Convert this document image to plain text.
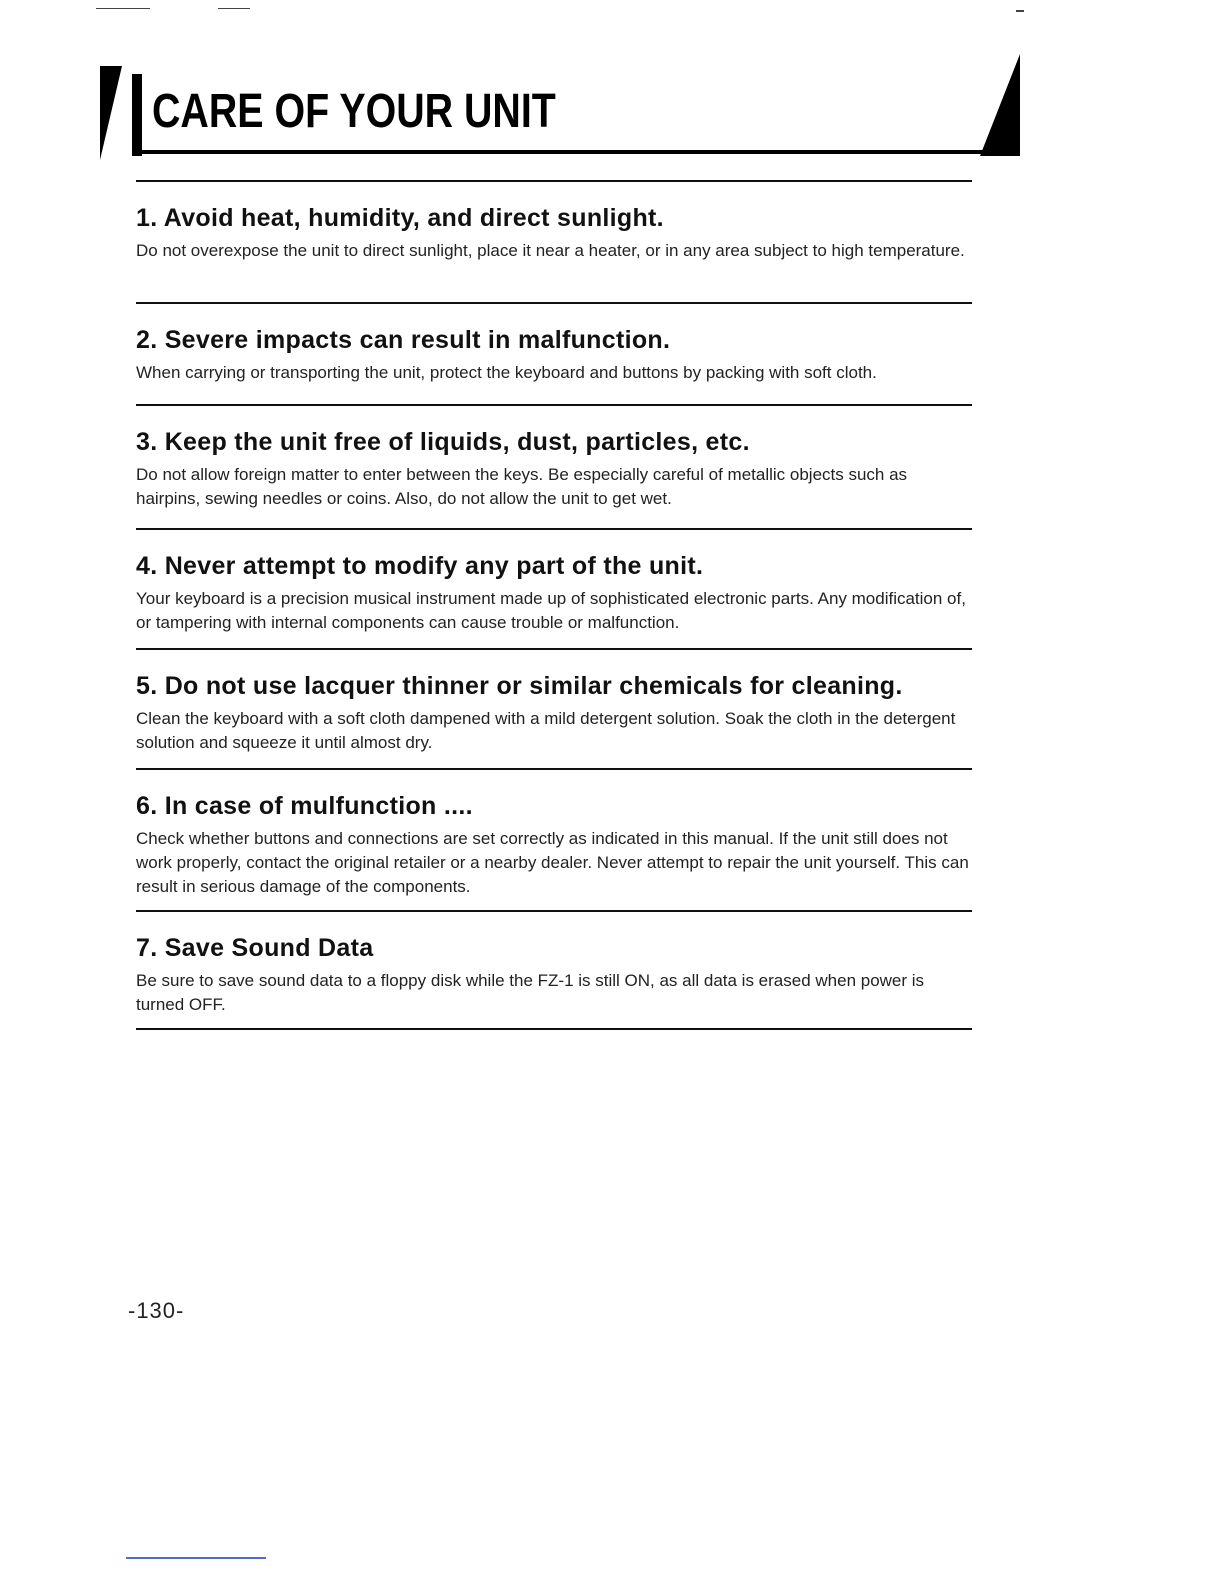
CARE OF YOUR UNIT
1. Avoid heat, humidity, and direct sunlight.

Do not overexpose the unit to direct sunlight, place it near a heater, or in any area subject to high temperature.

2. Severe impacts can result in malfunction.

When carrying or transporting the unit, protect the keyboard and buttons by packing with soft cloth.

3. Keep the unit free of liquids, dust, particles, etc.

Do not allow foreign matter to enter between the keys. Be especially careful of metallic objects such as hairpins, sewing needles or coins. Also, do not allow the unit to get wet.

4. Never attempt to modify any part of the unit.

Your keyboard is a precision musical instrument made up of sophisticated electronic parts. Any modification of, or tampering with internal components can cause trouble or malfunction.

5. Do not use lacquer thinner or similar chemicals for cleaning.

Clean the keyboard with a soft cloth dampened with a mild detergent solution. Soak the cloth in the detergent solution and squeeze it until almost dry.

6. In case of mulfunction ....

Check whether buttons and connections are set correctly as indicated in this manual. If the unit still does not work properly, contact the original retailer or a nearby dealer. Never attempt to repair the unit yourself. This can result in serious damage of the components.

7. Save Sound Data

Be sure to save sound data to a floppy disk while the FZ-1 is still ON, as all data is erased when power is turned OFF.

-130-
